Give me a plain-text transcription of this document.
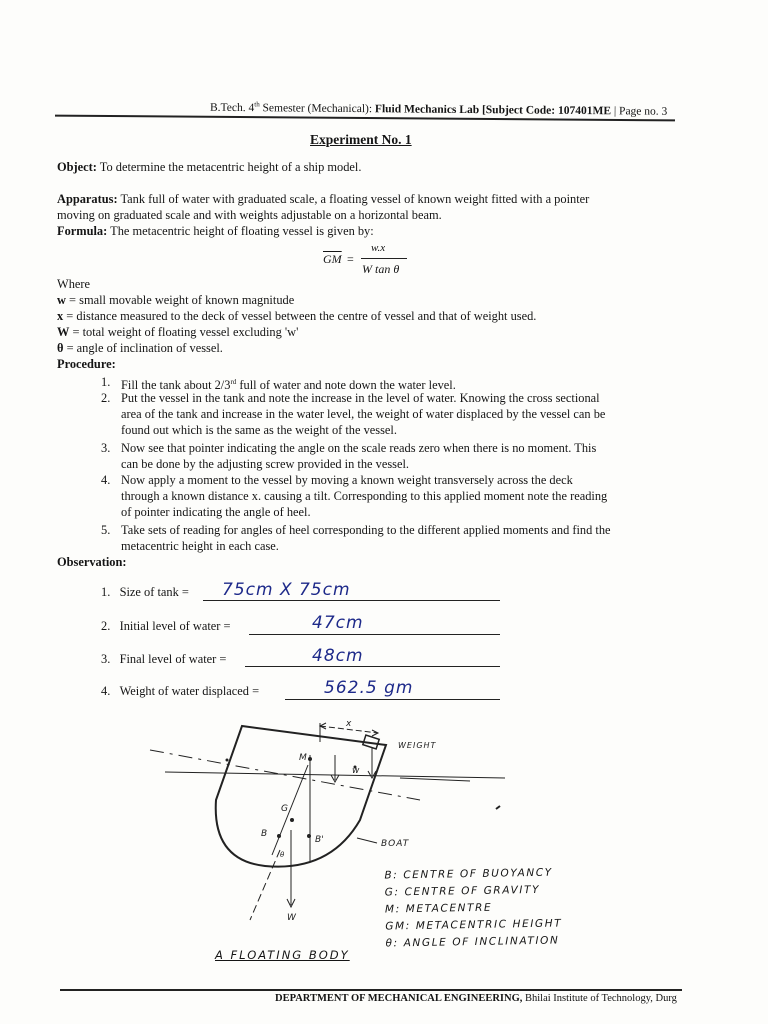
B.Tech. 4th Semester (Mechanical): Fluid Mechanics Lab [Subject Code: 107401ME | Page no. 3
Experiment No. 1
Object: To determine the metacentric height of a ship model.
Apparatus: Tank full of water with graduated scale, a floating vessel of known weight fitted with a pointer
moving on graduated scale and with weights adjustable on a horizontal beam.
Formula: The metacentric height of floating vessel is given by:
$\overline{GM}$ =
w.x
W tan θ
Where
w = small movable weight of known magnitude
x = distance measured to the deck of vessel between the centre of vessel and that of weight used.
W = total weight of floating vessel excluding 'w'
θ = angle of inclination of vessel.
Procedure:
1. Fill the tank about 2/3rd full of water and note down the water level.
2. Put the vessel in the tank and note the increase in the level of water. Knowing the cross sectional
area of the tank and increase in the water level, the weight of water displaced by the vessel can be
found out which is the same as the weight of the vessel.
3. Now see that pointer indicating the angle on the scale reads zero when there is no moment. This
can be done by the adjusting screw provided in the vessel.
4. Now apply a moment to the vessel by moving a known weight transversely across the deck
through a known distance x. causing a tilt. Corresponding to this applied moment note the reading
of pointer indicating the angle of heel.
5. Take sets of reading for angles of heel corresponding to the different applied moments and find the
metacentric height in each case.
Observation:
1. Size of tank = 75cm X 75cm
2. Initial level of water =	47cm
3. Final level of water =	48cm
4. Weight of water displaced =	562.5 gm
x
WEIGHT
M
w
G
B
B'
θ
W
BOAT
B: CENTRE OF BUOYANCY
G: CENTRE OF GRAVITY
M: METACENTRE
GM: METACENTRIC HEIGHT
θ: ANGLE OF INCLINATION
A FLOATING BODY
DEPARTMENT OF MECHANICAL ENGINEERING, Bhilai Institute of Technology, Durg
